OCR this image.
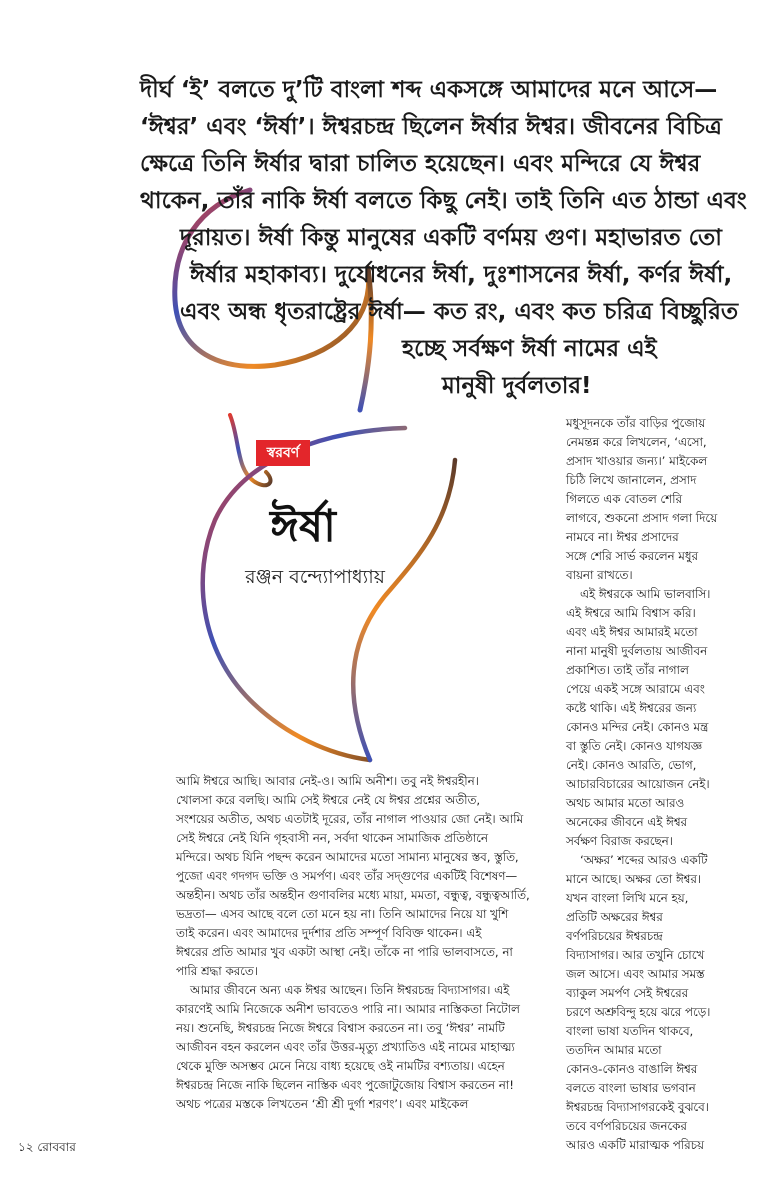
দীর্ঘ ‘ই’ বলতে দু’টি বাংলা শব্দ একসঙ্গে আমাদের মনে আসে—

‘ঈশ্বর’ এবং ‘ঈর্ষা’। ঈশ্বরচন্দ্র ছিলেন ঈর্ষার ঈশ্বর। জীবনের বিচিত্র

ক্ষেত্রে তিনি ঈর্ষার দ্বারা চালিত হয়েছেন। এবং মন্দিরে যে ঈশ্বর

থাকেন, তাঁর নাকি ঈর্ষা বলতে কিছু নেই। তাই তিনি এত ঠান্ডা এবং

দূরায়ত। ঈর্ষা কিন্তু মানুষের একটি বর্ণময় গুণ। মহাভারত তো

ঈর্ষার মহাকাব্য। দুর্যোধনের ঈর্ষা, দুঃশাসনের ঈর্ষা, কর্ণর ঈর্ষা,

এবং অন্ধ ধৃতরাষ্ট্রের ঈর্ষা— কত রং, এবং কত চরিত্র বিচ্ছুরিত

হচ্ছে সর্বক্ষণ ঈর্ষা নামের এই

মানুষী দুর্বলতার!

স্বরবর্ণ
ঈর্ষা
রঞ্জন বন্দ্যোপাধ্যায়

আমি ঈশ্বরে আছি। আবার নেই-ও। আমি অনীশ। তবু নই ঈশ্বরহীন।

খোলসা করে বলছি। আমি সেই ঈশ্বরে নেই যে ঈশ্বর প্রশ্নের অতীত,

সংশয়ের অতীত, অথচ এতটাই দূরের, তাঁর নাগাল পাওয়ার জো নেই। আমি

সেই ঈশ্বরে নেই যিনি গৃহবাসী নন, সর্বদা থাকেন সামাজিক প্রতিষ্ঠানে

মন্দিরে। অথচ যিনি পছন্দ করেন আমাদের মতো সামান্য মানুষের স্তব, স্তুতি,

পুজো এবং গদগদ ভক্তি ও সমর্পণ। এবং তাঁর সদ্গুণের একটিই বিশেষণ—

অন্তহীন। অথচ তাঁর অন্তহীন গুণাবলির মধ্যে মায়া, মমতা, বন্ধুত্ব, বন্ধুত্বআর্তি,

ভদ্রতা— এসব আছে বলে তো মনে হয় না। তিনি আমাদের নিয়ে যা খুশি

তাই করেন। এবং আমাদের দুর্দশার প্রতি সম্পূর্ণ বিবিক্ত থাকেন। এই

ঈশ্বরের প্রতি আমার খুব একটা আস্থা নেই। তাঁকে না পারি ভালবাসতে, না

পারি শ্রদ্ধা করতে।

আমার জীবনে অন্য এক ঈশ্বর আছেন। তিনি ঈশ্বরচন্দ্র বিদ্যাসাগর। এই

কারণেই আমি নিজেকে অনীশ ভাবতেও পারি না। আমার নাস্তিকতা নিটোল

নয়। শুনেছি, ঈশ্বরচন্দ্র নিজে ঈশ্বরে বিশ্বাস করতেন না। তবু ‘ঈশ্বর’ নামটি

আজীবন বহন করলেন এবং তাঁর উত্তর-মৃত্যু প্রখ্যাতিও এই নামের মাহাত্ম্য

থেকে মুক্তি অসম্ভব মেনে নিয়ে বাধ্য হয়েছে ওই নামটির বশ্যতায়। এহেন

ঈশ্বরচন্দ্র নিজে নাকি ছিলেন নাস্তিক এবং পুজোটুজোয় বিশ্বাস করতেন না!

অথচ পত্রের মস্তকে লিখতেন ‘শ্রী শ্রী দুর্গা শরণং’। এবং মাইকেল

মধুসূদনকে তাঁর বাড়ির পুজোয়

নেমন্তন্ন করে লিখলেন, ‘এসো,

প্রসাদ খাওয়ার জন্য।’ মাইকেল

চিঠি লিখে জানালেন, প্রসাদ

গিলতে এক বোতল শেরি

লাগবে, শুকনো প্রসাদ গলা দিয়ে

নামবে না। ঈশ্বর প্রসাদের

সঙ্গে শেরি সার্ভ করলেন মধুর

বায়না রাখতে।

এই ঈশ্বরকে আমি ভালবাসি।

এই ঈশ্বরে আমি বিশ্বাস করি।

এবং এই ঈশ্বর আমারই মতো

নানা মানুষী দুর্বলতায় আজীবন

প্রকাশিত। তাই তাঁর নাগাল

পেয়ে একই সঙ্গে আরামে এবং

কষ্টে থাকি। এই ঈশ্বরের জন্য

কোনও মন্দির নেই। কোনও মন্ত্র

বা স্তুতি নেই। কোনও যাগযজ্ঞ

নেই। কোনও আরতি, ভোগ,

আচারবিচারের আয়োজন নেই।

অথচ আমার মতো আরও

অনেকের জীবনে এই ঈশ্বর

সর্বক্ষণ বিরাজ করছেন।

‘অক্ষর’ শব্দের আরও একটি

মানে আছে। অক্ষর তো ঈশ্বর।

যখন বাংলা লিখি মনে হয়,

প্রতিটি অক্ষরের ঈশ্বর

বর্ণপরিচয়ের ঈশ্বরচন্দ্র

বিদ্যাসাগর। আর তখুনি চোখে

জল আসে। এবং আমার সমস্ত

ব্যাকুল সমর্পণ সেই ঈশ্বরের

চরণে অশ্রুবিন্দু হয়ে ঝরে পড়ে।

বাংলা ভাষা যতদিন থাকবে,

ততদিন আমার মতো

কোনও-কোনও বাঙালি ঈশ্বর

বলতে বাংলা ভাষার ভগবান

ঈশ্বরচন্দ্র বিদ্যাসাগরকেই বুঝবে।

তবে বর্ণপরিচয়ের জনকের

আরও একটি মারাত্মক পরিচয়

১২ রোববার
